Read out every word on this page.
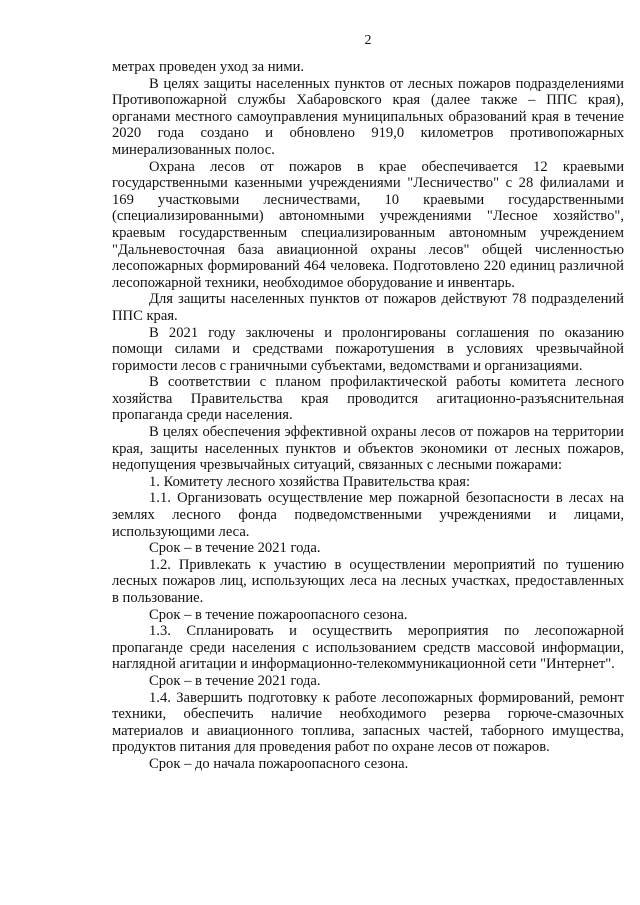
2

метрах проведен уход за ними.

В целях защиты населенных пунктов от лесных пожаров подразделениями Противопожарной службы Хабаровского края (далее также – ППС края), органами местного самоуправления муниципальных образований края в течение 2020 года создано и обновлено 919,0 километров противопожарных минерализованных полос.

Охрана лесов от пожаров в крае обеспечивается 12 краевыми государственными казенными учреждениями "Лесничество" с 28 филиалами и 169 участковыми лесничествами, 10 краевыми государственными (специализированными) автономными учреждениями "Лесное хозяйство", краевым государственным специализированным автономным учреждением "Дальневосточная база авиационной охраны лесов" общей численностью лесопожарных формирований 464 человека. Подготовлено 220 единиц различной лесопожарной техники, необходимое оборудование и инвентарь.

Для защиты населенных пунктов от пожаров действуют 78 подразделений ППС края.

В 2021 году заключены и пролонгированы соглашения по оказанию помощи силами и средствами пожаротушения в условиях чрезвычайной горимости лесов с граничными субъектами, ведомствами и организациями.

В соответствии с планом профилактической работы комитета лесного хозяйства Правительства края проводится агитационно-разъяснительная пропаганда среди населения.

В целях обеспечения эффективной охраны лесов от пожаров на территории края, защиты населенных пунктов и объектов экономики от лесных пожаров, недопущения чрезвычайных ситуаций, связанных с лесными пожарами:

1. Комитету лесного хозяйства Правительства края:

1.1. Организовать осуществление мер пожарной безопасности в лесах на землях лесного фонда подведомственными учреждениями и лицами, использующими леса.

Срок – в течение 2021 года.

1.2. Привлекать к участию в осуществлении мероприятий по тушению лесных пожаров лиц, использующих леса на лесных участках, предоставленных в пользование.

Срок – в течение пожароопасного сезона.

1.3. Спланировать и осуществить мероприятия по лесопожарной пропаганде среди населения с использованием средств массовой информации, наглядной агитации и информационно-телекоммуникационной сети "Интернет".

Срок – в течение 2021 года.

1.4. Завершить подготовку к работе лесопожарных формирований, ремонт техники, обеспечить наличие необходимого резерва горюче-смазочных материалов и авиационного топлива, запасных частей, таборного имущества, продуктов питания для проведения работ по охране лесов от пожаров.

Срок – до начала пожароопасного сезона.
